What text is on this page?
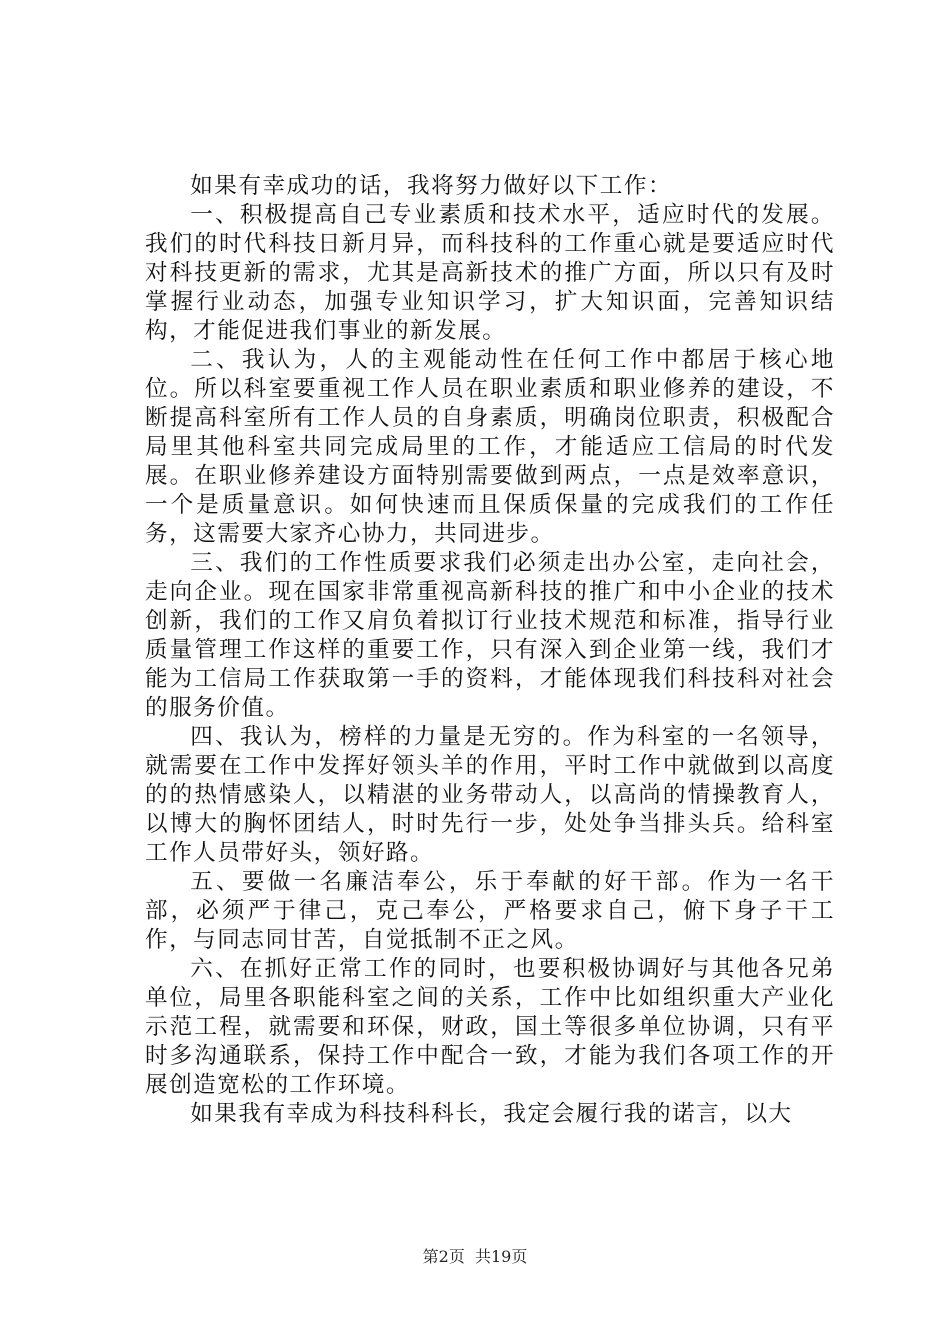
如果有幸成功的话，我将努力做好以下工作：

一、积极提高自己专业素质和技术水平，适应时代的发展。我们的时代科技日新月异，而科技科的工作重心就是要适应时代对科技更新的需求，尤其是高新技术的推广方面，所以只有及时掌握行业动态，加强专业知识学习，扩大知识面，完善知识结构，才能促进我们事业的新发展。

二、我认为，人的主观能动性在任何工作中都居于核心地位。所以科室要重视工作人员在职业素质和职业修养的建设，不断提高科室所有工作人员的自身素质，明确岗位职责，积极配合局里其他科室共同完成局里的工作，才能适应工信局的时代发展。在职业修养建设方面特别需要做到两点，一点是效率意识，一个是质量意识。如何快速而且保质保量的完成我们的工作任务，这需要大家齐心协力，共同进步。

三、我们的工作性质要求我们必须走出办公室，走向社会，走向企业。现在国家非常重视高新科技的推广和中小企业的技术创新，我们的工作又肩负着拟订行业技术规范和标准，指导行业质量管理工作这样的重要工作，只有深入到企业第一线，我们才能为工信局工作获取第一手的资料，才能体现我们科技科对社会的服务价值。

四、我认为，榜样的力量是无穷的。作为科室的一名领导，就需要在工作中发挥好领头羊的作用，平时工作中就做到以高度的的热情感染人，以精湛的业务带动人，以高尚的情操教育人，以博大的胸怀团结人，时时先行一步，处处争当排头兵。给科室工作人员带好头，领好路。

五、要做一名廉洁奉公，乐于奉献的好干部。作为一名干部，必须严于律己，克己奉公，严格要求自己，俯下身子干工作，与同志同甘苦，自觉抵制不正之风。

六、在抓好正常工作的同时，也要积极协调好与其他各兄弟单位，局里各职能科室之间的关系，工作中比如组织重大产业化示范工程，就需要和环保，财政，国土等很多单位协调，只有平时多沟通联系，保持工作中配合一致，才能为我们各项工作的开展创造宽松的工作环境。

如果我有幸成为科技科科长，我定会履行我的诺言，以大

第2页  共19页
